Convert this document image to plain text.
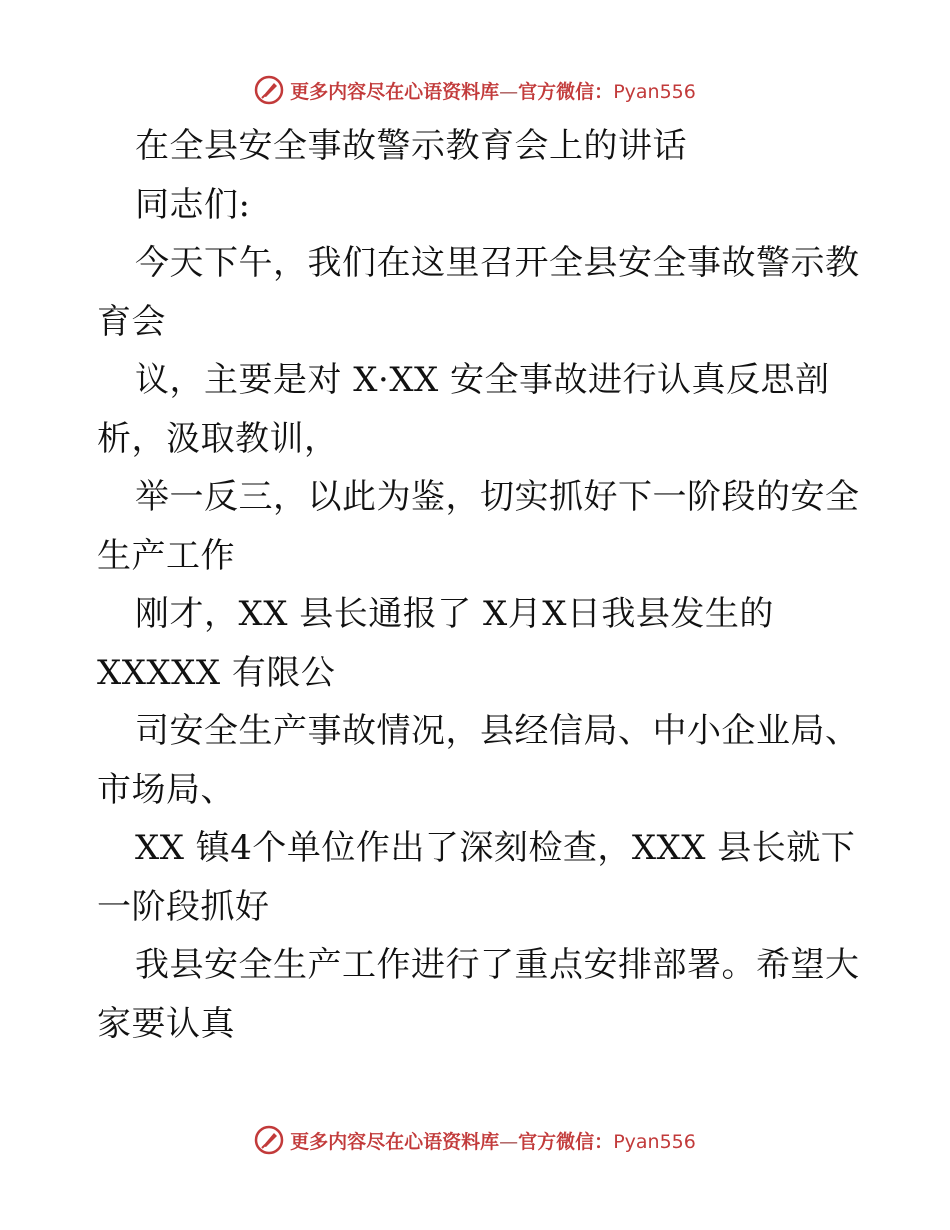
更多内容尽在心语资料库—官方微信：Pyan556
在全县安全事故警示教育会上的讲话
同志们:
今天下午，我们在这里召开全县安全事故警示教
育会
议，主要是对 X·XX 安全事故进行认真反思剖
析，汲取教训，
举一反三，以此为鉴，切实抓好下一阶段的安全
生产工作
刚才，XX 县长通报了 X月X日我县发生的
XXXXX 有限公
司安全生产事故情况，县经信局、中小企业局、
市场局、
XX 镇4个单位作出了深刻检查，XXX 县长就下
一阶段抓好
我县安全生产工作进行了重点安排部署。希望大
家要认真
更多内容尽在心语资料库—官方微信：Pyan556
